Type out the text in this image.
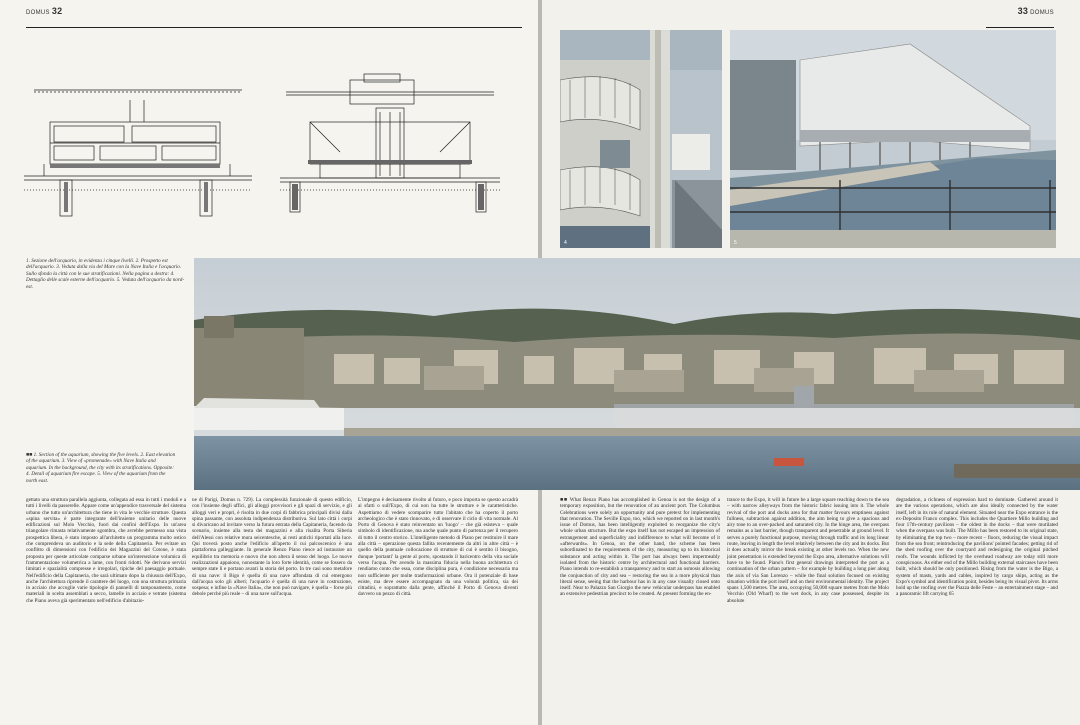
DOMUS 32
1. Sezione dell'acquario, in evidenza i cinque livelli. 2. Prospetto est dell'acquario. 3. Veduta dalla via del Mare con la Nave Italia e l'acquario. Sullo sfondo la città con le sue stratificazioni. Nella pagina a destra: 4. Dettaglio delle scale esterne dell'acquario. 5. Veduta dell'acquario da nord-est.
■■ 1. Section of the aquarium, showing the five levels. 2. East elevation of the aquarium. 3. View of «promenade» with Nave Italia and aquarium. In the background, the city with its stratifications. Opposite: 4. Detail of aquarium fire escape. 5. View of the aquarium from the north east.
gettato una struttura parallela aggiunta, collegata ad essa in tutti i moduli e a tutti i livelli da passerelle. Appare come un'appendice trasversale del sistema urbano che tutto un'architettura che tiene in vita le vecchie strutture. Questa «spina servita» è parte integrante dell'insieme unitario delle nuove edificazioni sul Molo Vecchio, fuori dai confini dell'Expo. In un'area triangolare rimasta relativamente sgombra, che avrebbe permesso una vista prospettica libera, è stato imposto all'architetto un programma molto ostico che comprendeva un auditorio e la sede della Capitaneria. Per evitare un conflitto di dimensioni con l'edificio dei Magazzini del Cotone, è stata proposta per queste articolate comparse urbane un'intersezione volumica di frammentazione volumetrica a lame, con fronti ridotti. Ne derivano servizi limitati e spazialità compresse e irregolari, tipiche del paesaggio portuale. Nell'edificio della Capitaneria, che sarà ultimato dopo la chiusura dell'Expo, anche l'architettura riprende il carattere del luogo, con una struttura primaria in acciaio che accoglie varie tipologie di pannelli di tamponamento, come materiali in scelta assemblati a secco, lamelle in acciaio e vetrate (sistema che Piano aveva già sperimentato nell'edificio d'abitazio-
ne di Parigi, Domus n. 729). La complessità funzionale di questo edificio, con l'insieme degli uffici, gli alloggi provvisori e gli spazi di servizio, e gli alloggi veri e propri, è risolta in due corpi di fabbrica principali divisi dalla spina passante, con assoluta indipendenza distributiva. Sul lato città i corpi si divaricano ad invitare verso la futura entrata della Capitaneria, facendo da scenario, insieme alla testa dei magazzini e alla risalita Porta Siberia dell'Alessi con relative mura seicentesche, ai resti antichi riportati alla luce. Qui troverà posto anche l'edificio all'aperto il cui palcoscenico è una piattaforma galleggiante. In generale Renzo Piano riesce ad instaurare un equilibrio tra memoria e nuovo che non altera il senso del luogo. Le nuove realizzazioni appaiono, nonostante la loro forte identità, come se fossero da sempre state lì e portano avanti la storia del porto. In tre casi sono metafore di una nave: il Bigo è quella di una nave affondata di cui emergono dall'acqua solo gli alberi; l'acquario è quella di una nave in costruzione, sospesa; e infine la «Nave Italia», che non può navigare, è quella – forse più debole perché più reale – di una nave sull'acqua.
L'impegno è decisamente rivolto al futuro, e poco importa se questo accadrà ai sfatti o sull'Expo, di cui non ha tutte le strutture e le caratteristiche. Aspettiamo di vedere scomparire tutto l'abitato che ha coperto il porto archeologico che è stato rinnovato, e di osservare il ciclo di vita normale. Al Porto di Genova è stato reinventato un 'luogo' – che già esisteva – quale simbolo di identificazione, ma anche quale punto di partenza per il recupero di tutto il centro storico. L'intelligente metodo di Piano per restituire il mare alla città – operazione questa fallita recentemente da altri in altre città – è quello della puntuale collocazione di strutture di cui è sentito il bisogno, dunque 'portanti' la gente al porto, spostando il baricentro della vita sociale verso l'acqua. Per avendo la massima fiducia nella buona architettura ci rendiamo conto che essa, come disciplina pura, è condizione necessaria ma non sufficiente per molte trasformazioni urbane. Ora il potenziale di base esiste, ma deve essere accompagnato da una volontà politica, sia dei cittadini, e soprattutto dalla gente, affinché il Porto di Genova diventi davvero un pezzo di città.
33 DOMUS
4	5
■■ What Renzo Piano has accomplished in Genoa is not the design of a temporary exposition, but the renovation of an ancient port. The Columbus Celebrations were solely an opportunity and pure pretext for implementing that renovation. The Seville Expo, too, which we reported on in last month's issue of Domus, has been intelligently exploited to reorganize the city's whole urban structure. But the expo itself has not escaped an impression of estrangement and superficiality and indifference to what will become of it «afterwards». In Genoa, on the other hand, the scheme has been subordinated to the requirements of the city, measuring up to its historical substance and acting within it. The port has always been impermeably isolated from the historic centre by architectural and functional barriers. Piano intends to re-establish a transparency and to start an osmosis allowing the conjunction of city and sea – restoring the sea in a more physical than literal sense, seeing that the harbour has in in any case visually closed onto itself. Near to Palazzo San Giorgio the new vehicular underpass has enabled an extensive pedestrian precinct to be created. At present forming the en-
trance to the Expo, it will in future be a large square reaching down to the sea – with narrow alleyways from the historic fabric issuing into it. The whole revival of the port and docks area for that matter favours emptiness against fullness, subtraction against addition, the aim being to give a spacious and airy tone to an over-packed and saturated city. In the hinge area, the overpass remains as a last barrier, though transparent and penetrable at ground level. It serves a purely functional purpose, moving through traffic and its long linear route, leaving in length the level relatively between the city and its docks. But it does actually mirror the break existing at other levels too. When the new joint penetration is extended beyond the Expo area, alternative solutions will have to be found. Piano's first general drawings interpreted the port as a continuation of the urban pattern – for example by building a long pier along the axis of via San Lorenzo – while the final solution focused on existing situation within the port itself and on their environmental identity. The project spans 1,500 metres. The area, occupying 50,000 square metres from the Molo Vecchio (Old Wharf) to the wet dock, in any case possessed, despite its absolute
degradation, a richness of expression hard to dominate. Gathered around it are the various operations, which are also ideally connected by the water itself, left in its role of natural element. Situated near the Expo entrance is the ex-Deposito Franco complex. This includes the Quartiere Millo building and four 17th-century pavilions – the oldest in the docks – that were mutilated when the overpass was built. The Millo has been restored to its original state, by eliminating the top two – more recent – floors, reducing the visual impact from the sea front; reintroducing the pavilions' pointed facades; getting rid of the shed roofing over the courtyard and redesigning the original pitched roofs. The wounds inflicted by the overhead roadway are today still more conspicuous. As either end of the Millo building external staircases have been built, which should be only positioned. Rising from the water is the Bigo, a system of masts, yards and cables, inspired by cargo ships, acting as the Expo's symbol and identification point, besides being its visual pivot. Its arms hold up the roofing over the Piazza delle Feste – an entertainment stage – and a panoramic lift carrying 65
